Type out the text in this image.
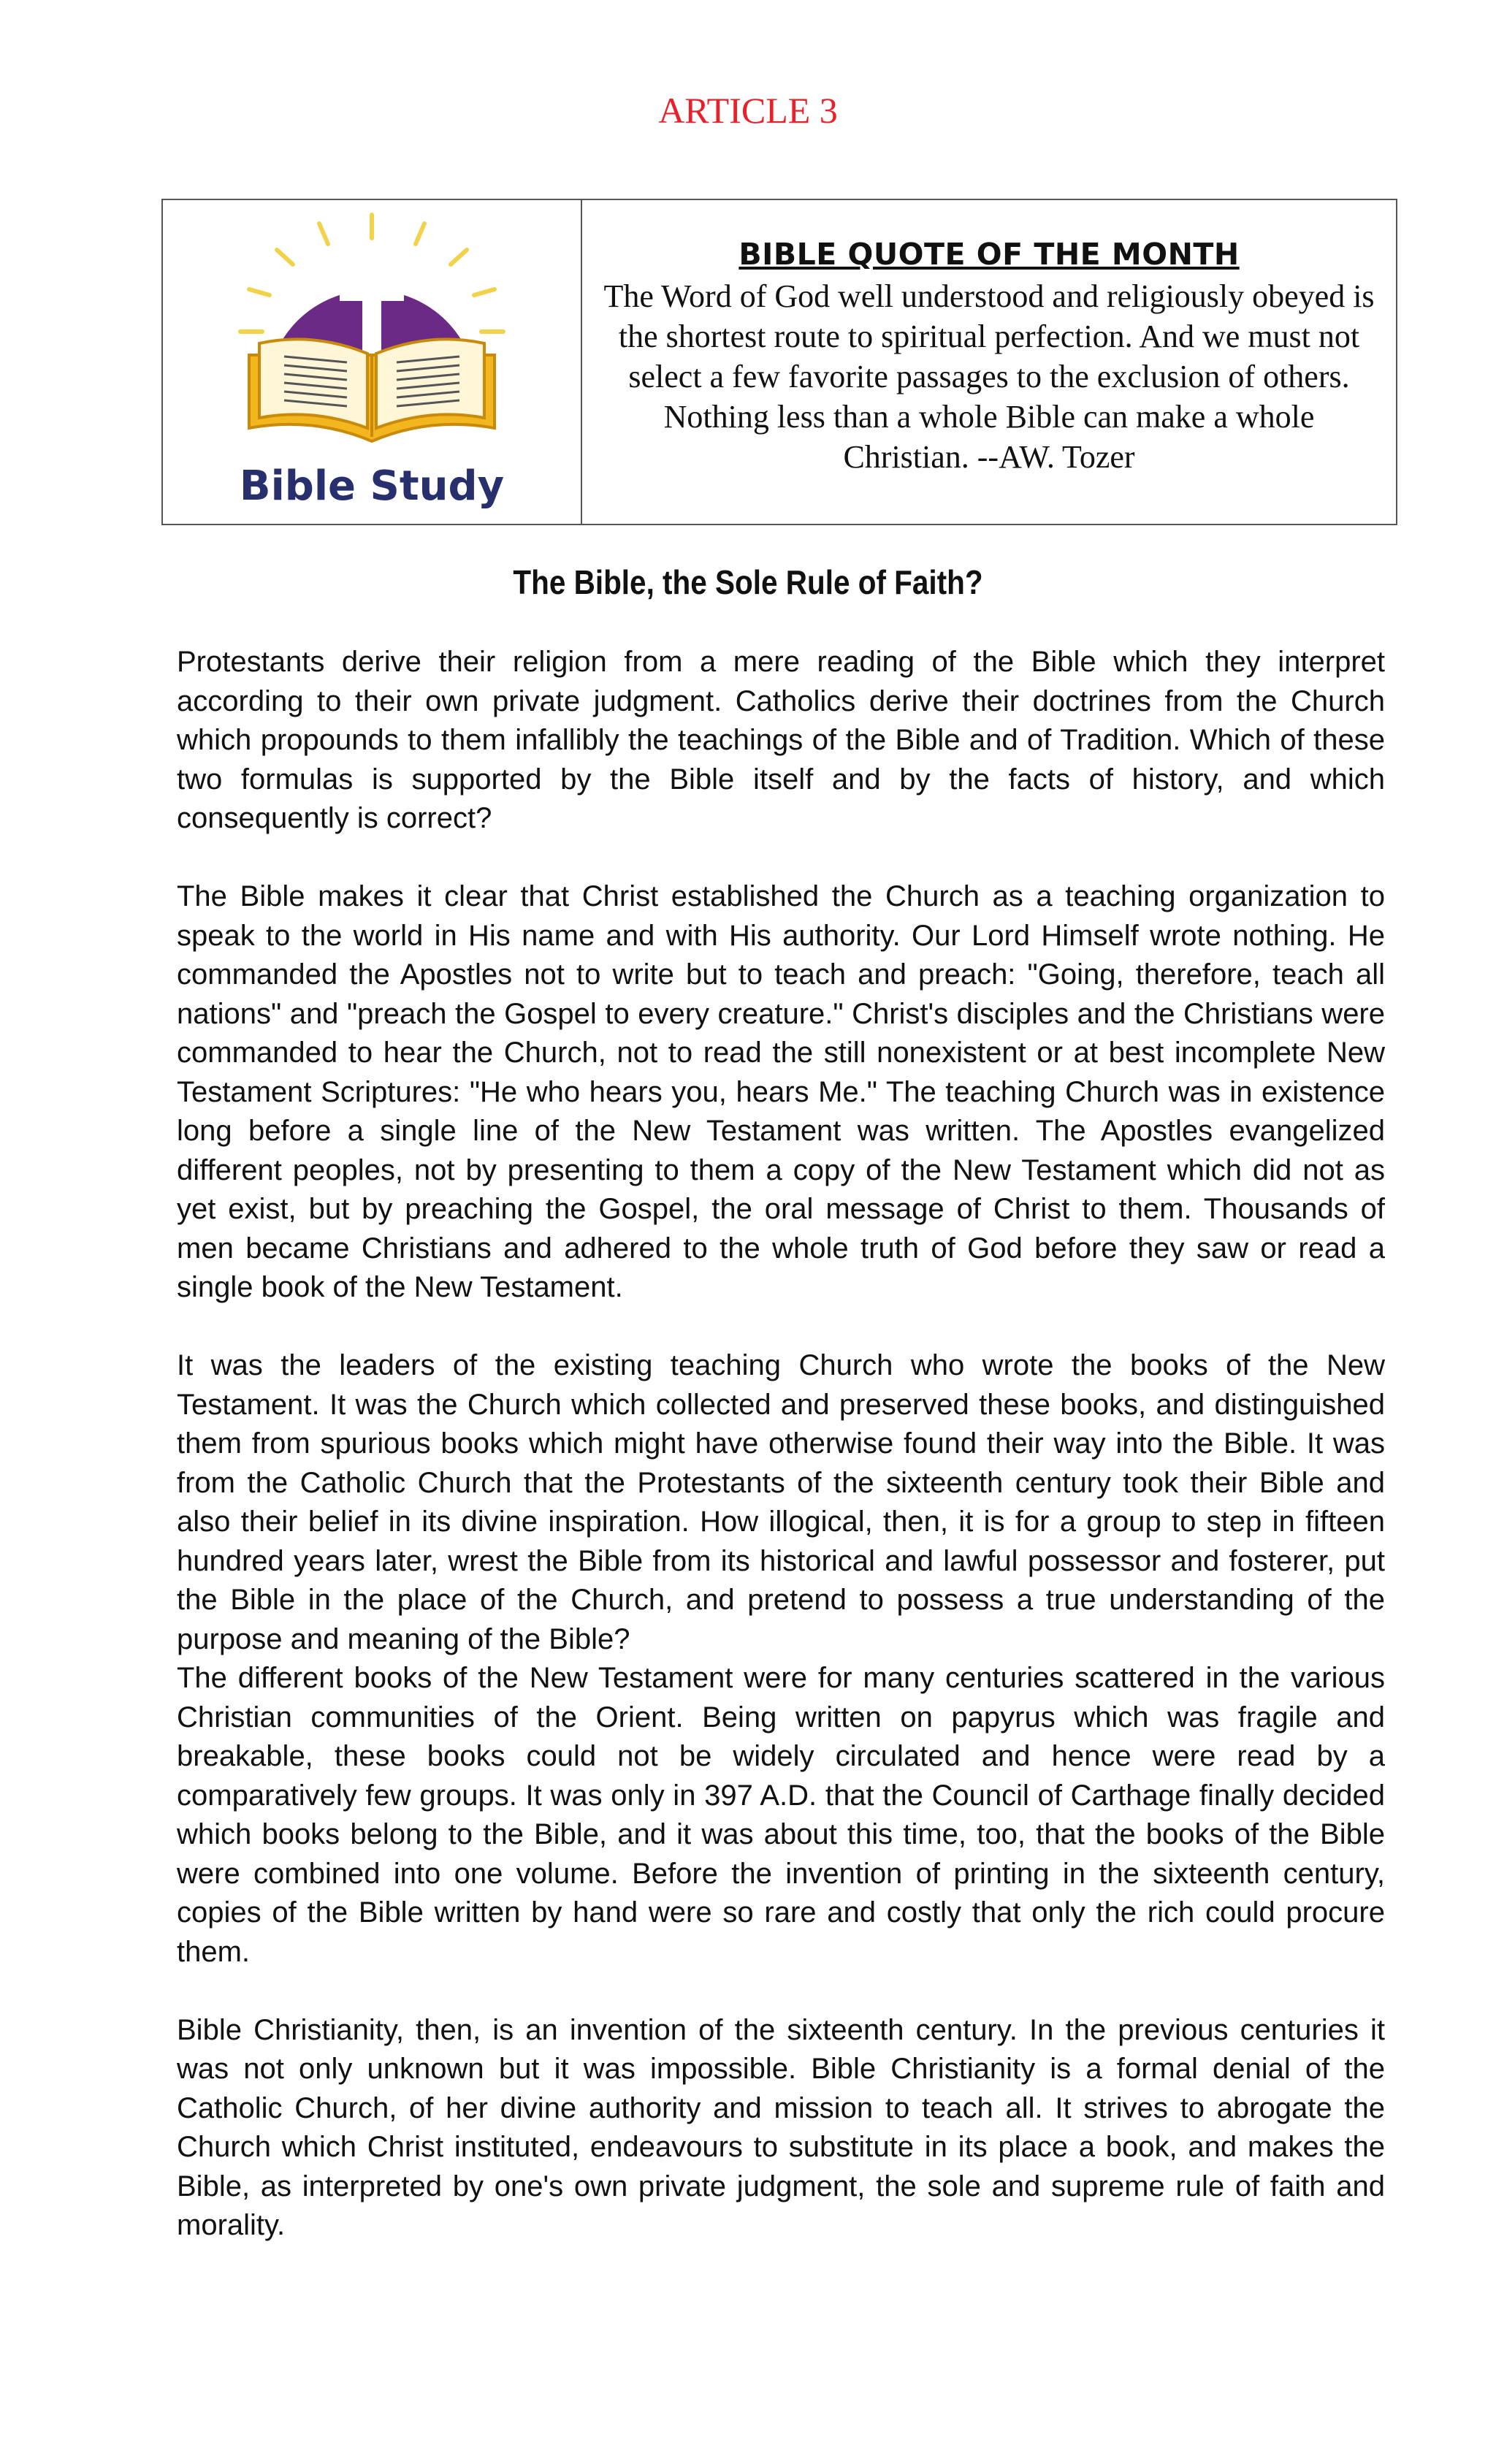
ARTICLE 3
Bible Study
BIBLE QUOTE OF THE MONTH
The Word of God well understood and religiously obeyed is the shortest route to spiritual perfection. And we must not select a few favorite passages to the exclusion of others. Nothing less than a whole Bible can make a whole Christian. --AW. Tozer
The Bible, the Sole Rule of Faith?

Protestants derive their religion from a mere reading of the Bible which they interpret according to their own private judgment. Catholics derive their doctrines from the Church which propounds to them infallibly the teachings of the Bible and of Tradition. Which of these two formulas is supported by the Bible itself and by the facts of history, and which consequently is correct?

The Bible makes it clear that Christ established the Church as a teaching organization to speak to the world in His name and with His authority. Our Lord Himself wrote nothing. He commanded the Apostles not to write but to teach and preach: "Going, therefore, teach all nations" and "preach the Gospel to every creature." Christ's disciples and the Christians were commanded to hear the Church, not to read the still nonexistent or at best incomplete New Testament Scriptures: "He who hears you, hears Me." The teaching Church was in existence long before a single line of the New Testament was written. The Apostles evangelized different peoples, not by presenting to them a copy of the New Testament which did not as yet exist, but by preaching the Gospel, the oral message of Christ to them. Thousands of men became Christians and adhered to the whole truth of God before they saw or read a single book of the New Testament.

It was the leaders of the existing teaching Church who wrote the books of the New Testament. It was the Church which collected and preserved these books, and distinguished them from spurious books which might have otherwise found their way into the Bible. It was from the Catholic Church that the Protestants of the sixteenth century took their Bible and also their belief in its divine inspiration. How illogical, then, it is for a group to step in fifteen hundred years later, wrest the Bible from its historical and lawful possessor and fosterer, put the Bible in the place of the Church, and pretend to possess a true understanding of the purpose and meaning of the Bible?

The different books of the New Testament were for many centuries scattered in the various Christian communities of the Orient. Being written on papyrus which was fragile and breakable, these books could not be widely circulated and hence were read by a comparatively few groups. It was only in 397 A.D. that the Council of Carthage finally decided which books belong to the Bible, and it was about this time, too, that the books of the Bible were combined into one volume. Before the invention of printing in the sixteenth century, copies of the Bible written by hand were so rare and costly that only the rich could procure them.

Bible Christianity, then, is an invention of the sixteenth century. In the previous centuries it was not only unknown but it was impossible. Bible Christianity is a formal denial of the Catholic Church, of her divine authority and mission to teach all. It strives to abrogate the Church which Christ instituted, endeavours to substitute in its place a book, and makes the Bible, as interpreted by one's own private judgment, the sole and supreme rule of faith and morality.
